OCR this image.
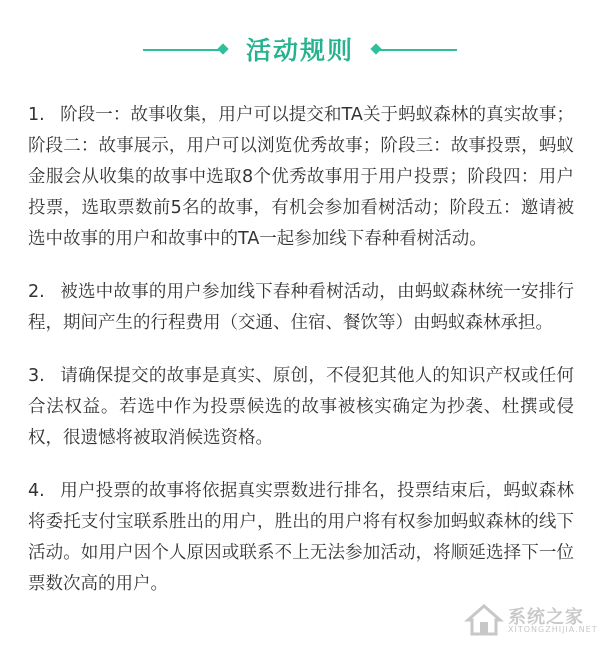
活动规则

1. 阶段一：故事收集，用户可以提交和TA关于蚂蚁森林的真实故事；阶段二：故事展示，用户可以浏览优秀故事；阶段三：故事投票，蚂蚁金服会从收集的故事中选取8个优秀故事用于用户投票；阶段四：用户投票，选取票数前5名的故事，有机会参加看树活动；阶段五：邀请被选中故事的用户和故事中的TA一起参加线下春种看树活动。

2. 被选中故事的用户参加线下春种看树活动，由蚂蚁森林统一安排行程，期间产生的行程费用（交通、住宿、餐饮等）由蚂蚁森林承担。

3. 请确保提交的故事是真实、原创，不侵犯其他人的知识产权或任何合法权益。若选中作为投票候选的故事被核实确定为抄袭、杜撰或侵权，很遗憾将被取消候选资格。

4. 用户投票的故事将依据真实票数进行排名，投票结束后，蚂蚁森林将委托支付宝联系胜出的用户，胜出的用户将有权参加蚂蚁森林的线下活动。如用户因个人原因或联系不上无法参加活动，将顺延选择下一位票数次高的用户。

系统之家
XITONGZHIJIA.NET
